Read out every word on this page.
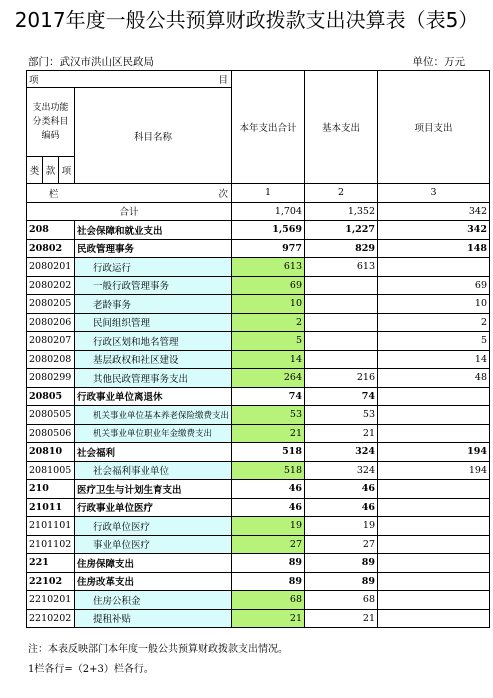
2017年度一般公共预算财政拨款支出决算表（表5）
部门：武汉市洪山区民政局	单位：万元
项 目				本年支出合计	基本支出	项目支出
支出功能分类科目编码			科目名称			
类	款	项				
栏 次				1	2	3
合计				1,704	1,352	342
208			社会保障和就业支出	1,569	1,227	342
20802			民政管理事务	977	829	148
2080201			行政运行	613	613	
2080202			一般行政管理事务	69		69
2080205			老龄事务	10		10
2080206			民间组织管理	2		2
2080207			行政区划和地名管理	5		5
2080208			基层政权和社区建设	14		14
2080299			其他民政管理事务支出	264	216	48
20805			行政事业单位离退休	74	74	
2080505			机关事业单位基本养老保险缴费支出	53	53	
2080506			机关事业单位职业年金缴费支出	21	21	
20810			社会福利	518	324	194
2081005			社会福利事业单位	518	324	194
210			医疗卫生与计划生育支出	46	46	
21011			行政事业单位医疗	46	46	
2101101			行政单位医疗	19	19	
2101102			事业单位医疗	27	27	
221			住房保障支出	89	89	
22102			住房改革支出	89	89	
2210201			住房公积金	68	68	
2210202			提租补贴	21	21	
注：本表反映部门本年度一般公共预算财政拨款支出情况。
1栏各行=（2+3）栏各行。
